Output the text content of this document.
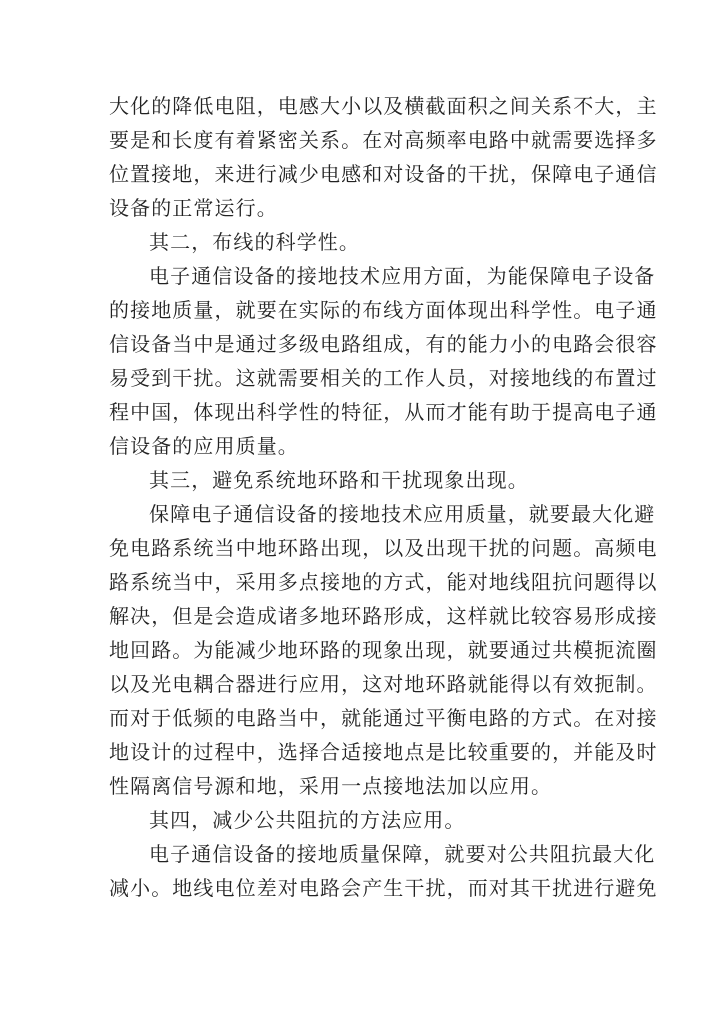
大化的降低电阻，电感大小以及横截面积之间关系不大，主
要是和长度有着紧密关系。在对高频率电路中就需要选择多
位置接地，来进行减少电感和对设备的干扰，保障电子通信
设备的正常运行。
其二，布线的科学性。
电子通信设备的接地技术应用方面，为能保障电子设备
的接地质量，就要在实际的布线方面体现出科学性。电子通
信设备当中是通过多级电路组成，有的能力小的电路会很容
易受到干扰。这就需要相关的工作人员，对接地线的布置过
程中国，体现出科学性的特征，从而才能有助于提高电子通
信设备的应用质量。
其三，避免系统地环路和干扰现象出现。
保障电子通信设备的接地技术应用质量，就要最大化避
免电路系统当中地环路出现，以及出现干扰的问题。高频电
路系统当中，采用多点接地的方式，能对地线阻抗问题得以
解决，但是会造成诸多地环路形成，这样就比较容易形成接
地回路。为能减少地环路的现象出现，就要通过共模扼流圈
以及光电耦合器进行应用，这对地环路就能得以有效扼制。
而对于低频的电路当中，就能通过平衡电路的方式。在对接
地设计的过程中，选择合适接地点是比较重要的，并能及时
性隔离信号源和地，采用一点接地法加以应用。
其四，减少公共阻抗的方法应用。
电子通信设备的接地质量保障，就要对公共阻抗最大化
减小。地线电位差对电路会产生干扰，而对其干扰进行避免
